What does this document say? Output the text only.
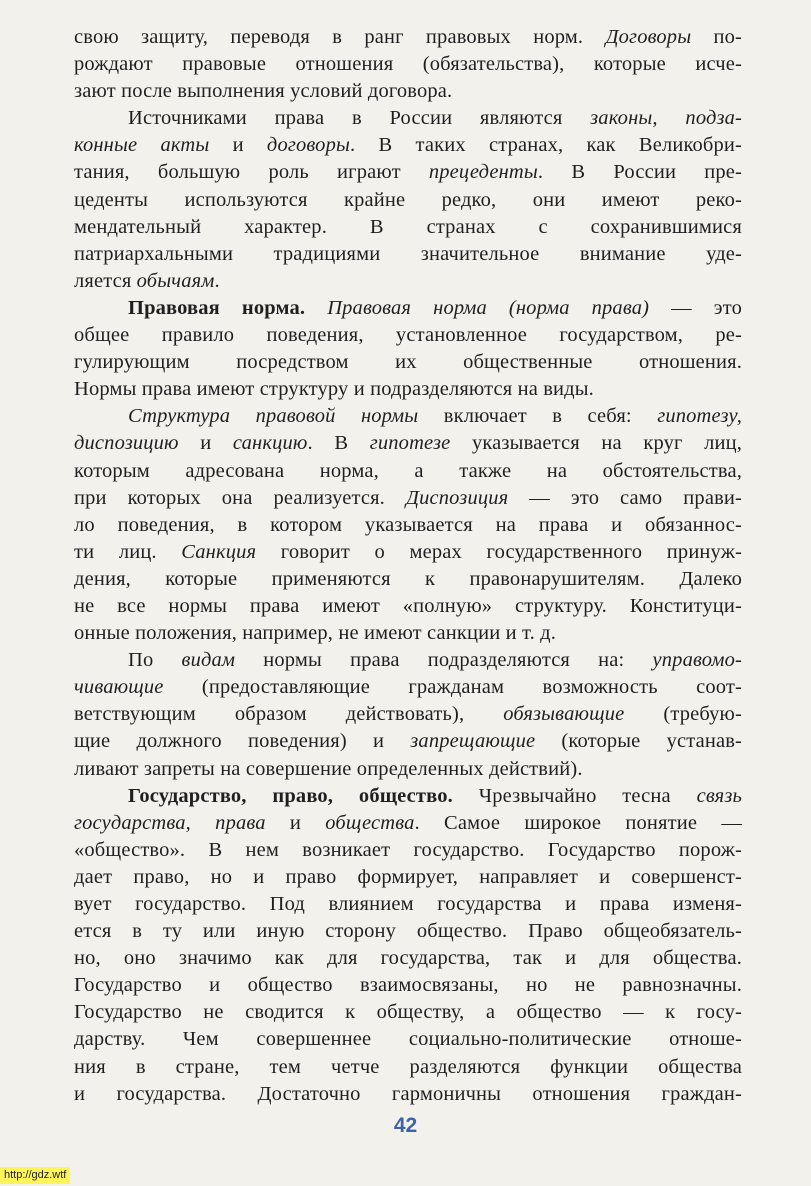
свою защиту, переводя в ранг правовых норм. Договоры по-
рождают правовые отношения (обязательства), которые исче-
зают после выполнения условий договора.
Источниками права в России являются законы, подза-
конные акты и договоры. В таких странах, как Великобри-
тания, большую роль играют прецеденты. В России пре-
цеденты используются крайне редко, они имеют реко-
мендательный характер. В странах с сохранившимися
патриархальными традициями значительное внимание уде-
ляется обычаям.
Правовая норма. Правовая норма (норма права) — это
общее правило поведения, установленное государством, ре-
гулирующим посредством их общественные отношения.
Нормы права имеют структуру и подразделяются на виды.
Структура правовой нормы включает в себя: гипотезу,
диспозицию и санкцию. В гипотезе указывается на круг лиц,
которым адресована норма, а также на обстоятельства,
при которых она реализуется. Диспозиция — это само прави-
ло поведения, в котором указывается на права и обязаннос-
ти лиц. Санкция говорит о мерах государственного принуж-
дения, которые применяются к правонарушителям. Далеко
не все нормы права имеют «полную» структуру. Конституци-
онные положения, например, не имеют санкции и т. д.
По видам нормы права подразделяются на: управомо-
чивающие (предоставляющие гражданам возможность соот-
ветствующим образом действовать), обязывающие (требую-
щие должного поведения) и запрещающие (которые устанав-
ливают запреты на совершение определенных действий).
Государство, право, общество. Чрезвычайно тесна связь
государства, права и общества. Самое широкое понятие —
«общество». В нем возникает государство. Государство порож-
дает право, но и право формирует, направляет и совершенст-
вует государство. Под влиянием государства и права изменя-
ется в ту или иную сторону общество. Право общеобязатель-
но, оно значимо как для государства, так и для общества.
Государство и общество взаимосвязаны, но не равнозначны.
Государство не сводится к обществу, а общество — к госу-
дарству. Чем совершеннее социально-политические отноше-
ния в стране, тем четче разделяются функции общества
и государства. Достаточно гармоничны отношения граждан-
42
http://gdz.wtf
